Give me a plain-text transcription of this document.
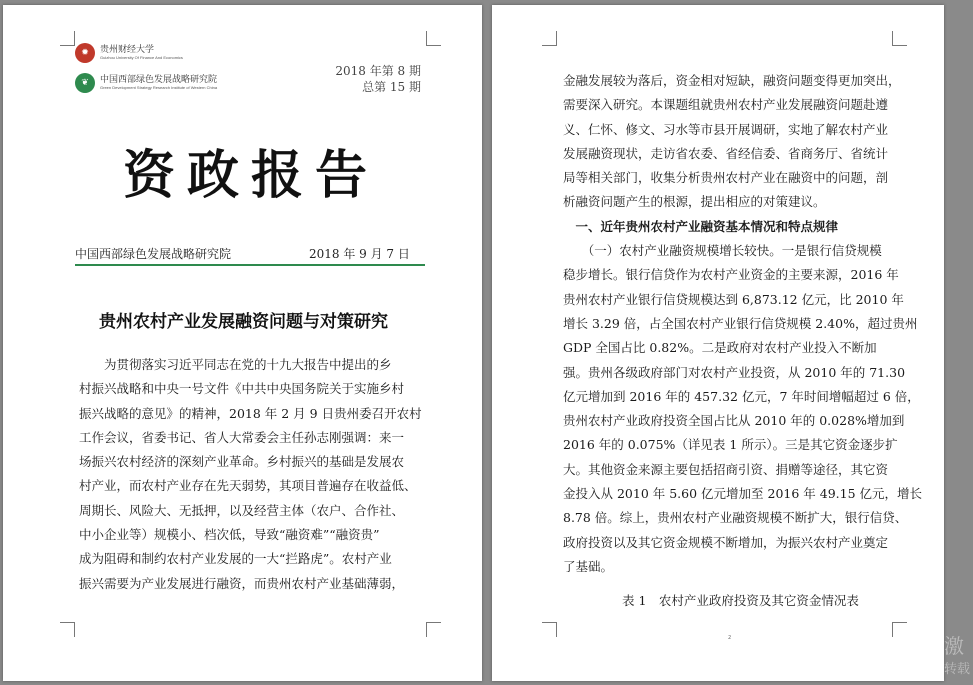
✹	贵州财经大学
Guizhou University Of Finance And Economics
❦	中国西部绿色发展战略研究院
Green Development Strategy Research Institute of Western China
2018 年第 8 期
总第 15 期
资政报告
中国西部绿色发展战略研究院	2018 年 9 月 7 日
贵州农村产业发展融资问题与对策研究
　　为贯彻落实习近平同志在党的十九大报告中提出的乡
村振兴战略和中央一号文件《中共中央国务院关于实施乡村
振兴战略的意见》的精神，2018 年 2 月 9 日贵州委召开农村
工作会议，省委书记、省人大常委会主任孙志刚强调：来一
场振兴农村经济的深刻产业革命。乡村振兴的基础是发展农
村产业，而农村产业存在先天弱势，其项目普遍存在收益低、
周期长、风险大、无抵押，以及经营主体（农户、合作社、
中小企业等）规模小、档次低，导致“融资难”“融资贵”
成为阻碍和制约农村产业发展的一大“拦路虎”。农村产业
振兴需要为产业发展进行融资，而贵州农村产业基础薄弱，
金融发展较为落后，资金相对短缺，融资问题变得更加突出，
需要深入研究。本课题组就贵州农村产业发展融资问题赴遵
义、仁怀、修文、习水等市县开展调研，实地了解农村产业
发展融资现状，走访省农委、省经信委、省商务厅、省统计
局等相关部门，收集分析贵州农村产业在融资中的问题，剖
析融资问题产生的根源，提出相应的对策建议。
　一、近年贵州农村产业融资基本情况和特点规律
　　（一）农村产业融资规模增长较快。一是银行信贷规模
稳步增长。银行信贷作为农村产业资金的主要来源，2016 年
贵州农村产业银行信贷规模达到 6,873.12 亿元，比 2010 年
增长 3.29 倍，占全国农村产业银行信贷规模 2.40%，超过贵州
GDP 全国占比 0.82%。二是政府对农村产业投入不断加
强。贵州各级政府部门对农村产业投资，从 2010 年的 71.30
亿元增加到 2016 年的 457.32 亿元，7 年时间增幅超过 6 倍，
贵州农村产业政府投资全国占比从 2010 年的 0.028%增加到
2016 年的 0.075%（详见表 1 所示）。三是其它资金逐步扩
大。其他资金来源主要包括招商引资、捐赠等途径，其它资
金投入从 2010 年 5.60 亿元增加至 2016 年 49.15 亿元，增长
8.78 倍。综上，贵州农村产业融资规模不断扩大，银行信贷、
政府投资以及其它资金规模不断增加，为振兴农村产业奠定
了基础。
表 1　农村产业政府投资及其它资金情况表
2	激
转载
